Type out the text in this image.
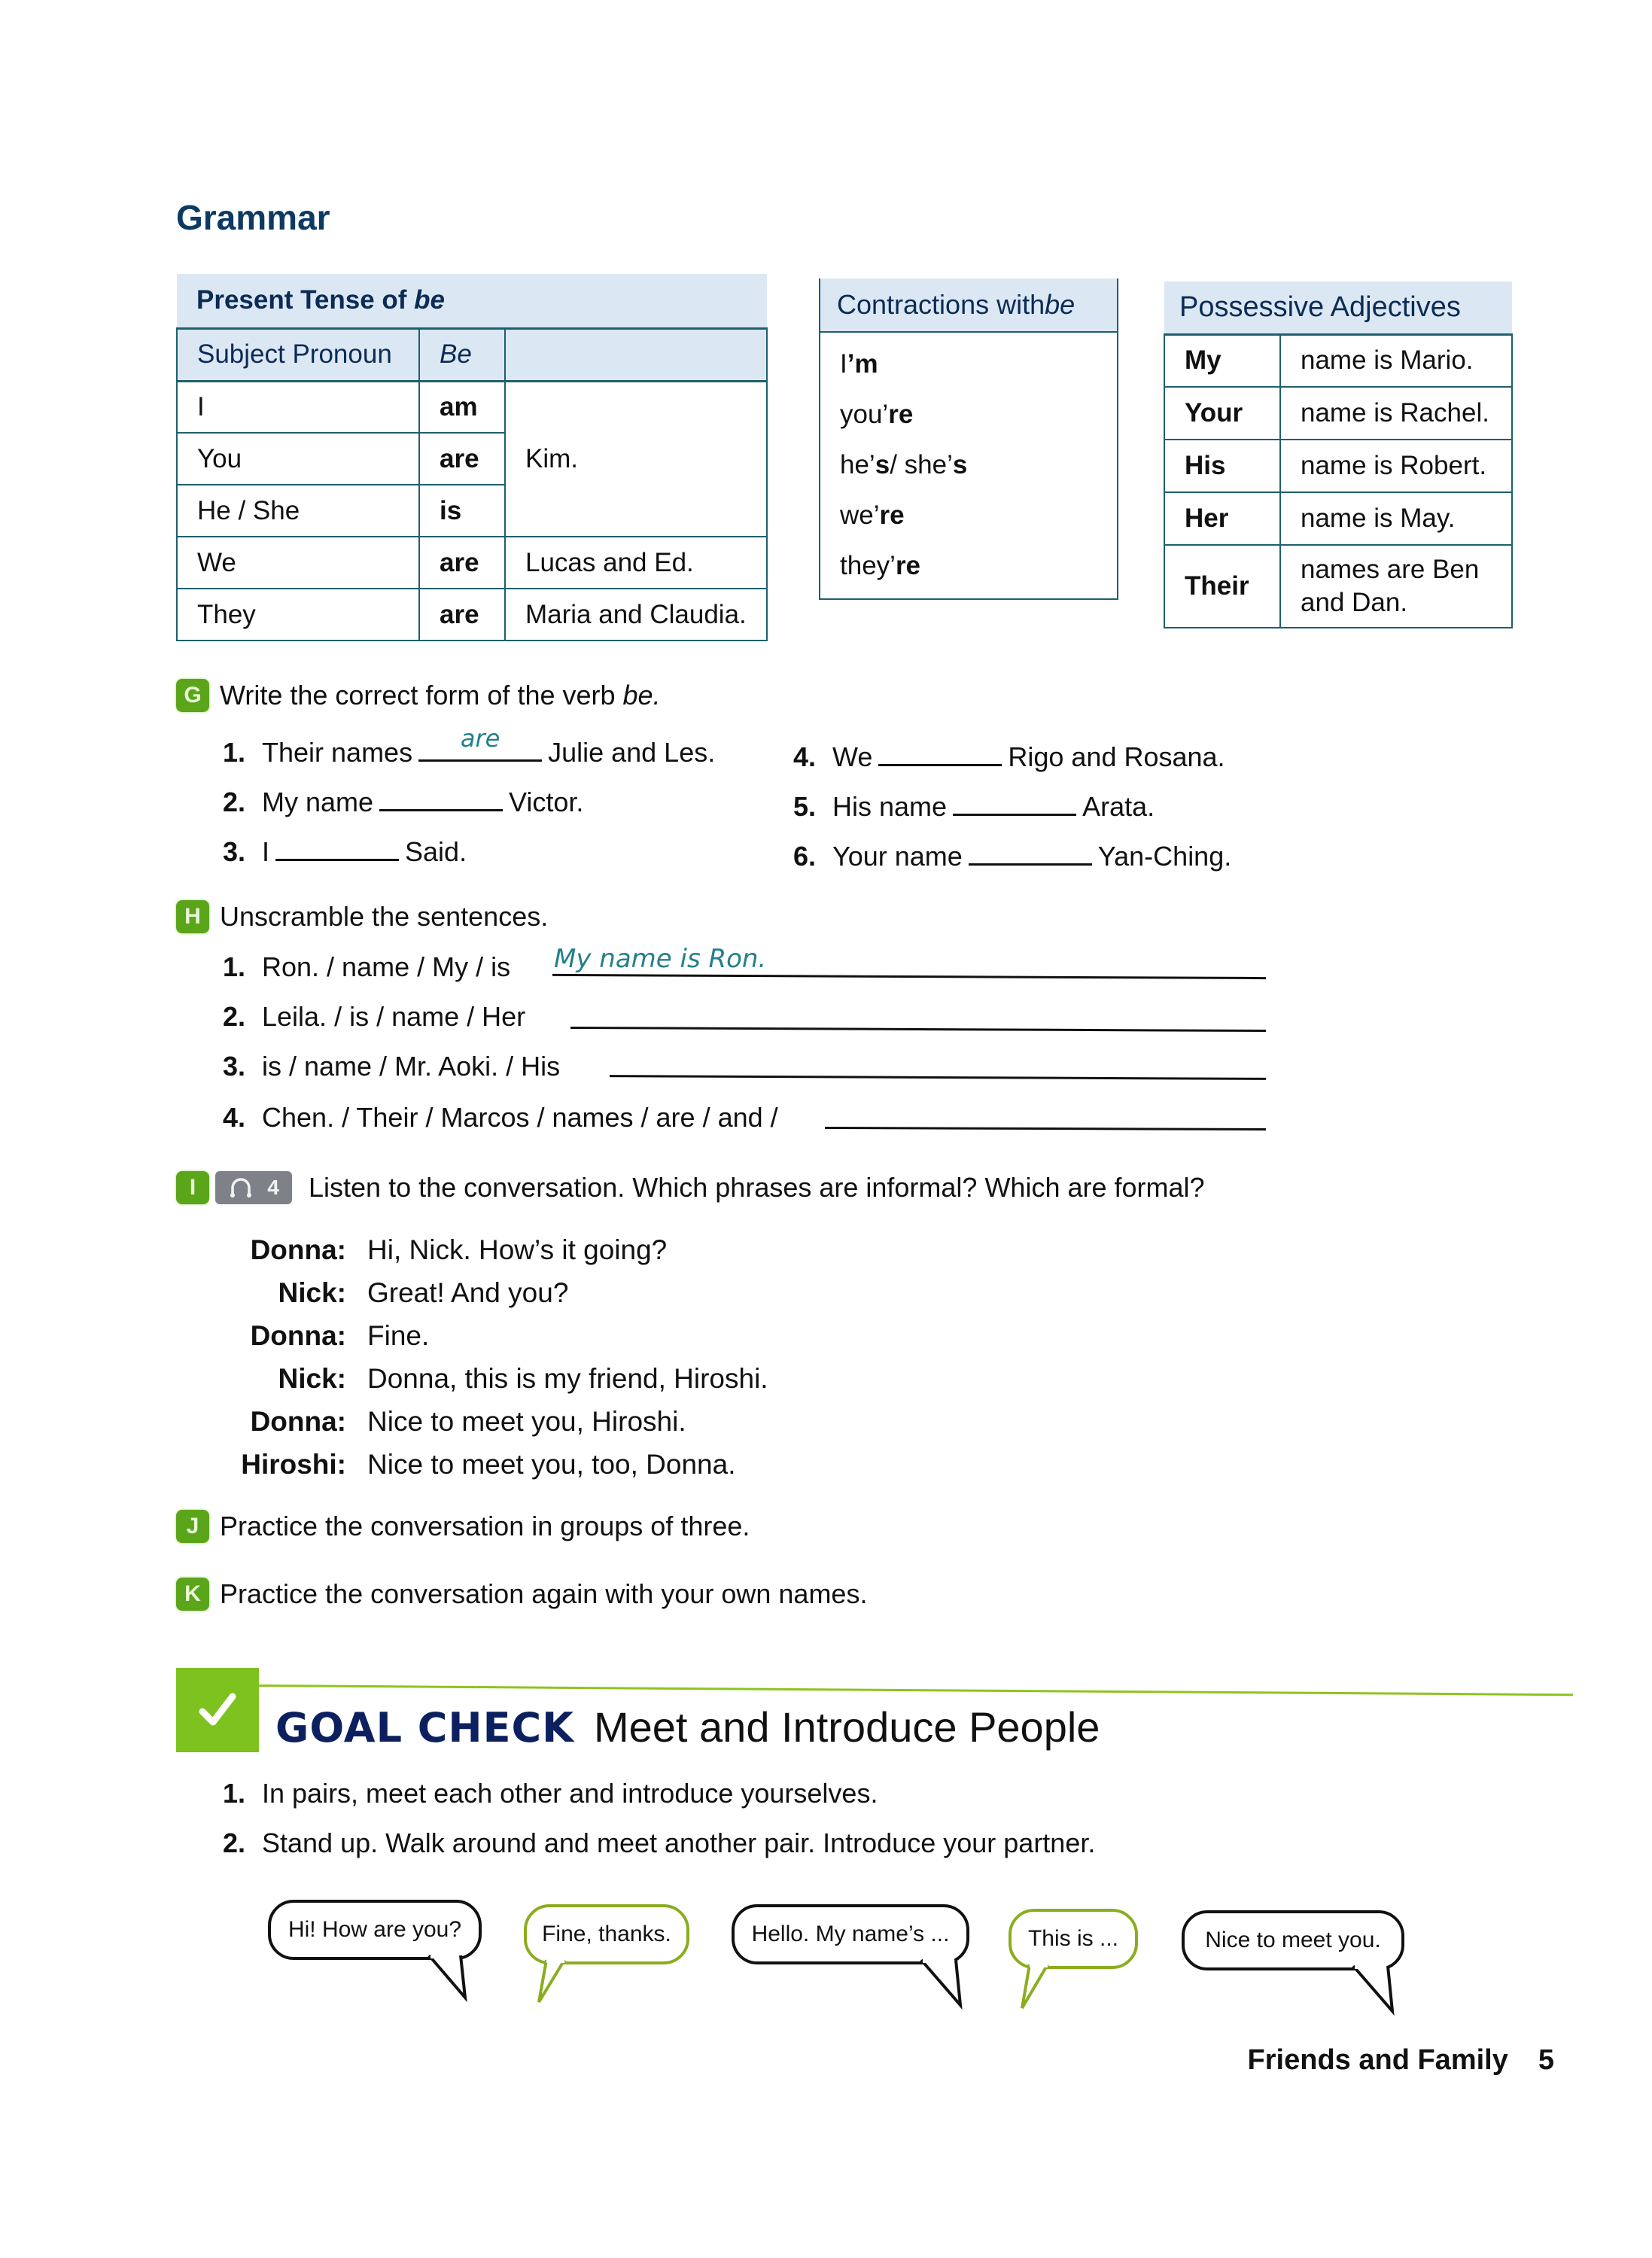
Grammar
Present Tense of be		
Subject Pronoun	Be	
I	am	Kim.
You	are	
He / She	is	
We	are	Lucas and Ed.
They	are	Maria and Claudia.
Contractions with be
I ’m
you’ re
he’ s / she’ s
we’ re
they’ re
Possessive Adjectives	
My	name is Mario.
Your	name is Rachel.
His	name is Robert.
Her	name is May.
Their	names are Ben and Dan.
G Write the correct form of the verb be.
1. Their names	are	Julie and Les.
2. My name	Victor.
3. I	Said.
4. We	Rigo and Rosana.
5. His name	Arata.
6. Your name	Yan-Ching.
H Unscramble the sentences.
1. Ron. / name / My / is My name is Ron.
2. Leila. / is / name / Her
3. is / name / Mr. Aoki. / His
4. Chen. / Their / Marcos / names / are / and /
I	4 Listen to the conversation. Which phrases are informal? Which are formal?
Donna: Hi, Nick. How’s it going?
Nick: Great! And you?
Donna: Fine.
Nick: Donna, this is my friend, Hiroshi.
Donna: Nice to meet you, Hiroshi.
Hiroshi: Nice to meet you, too, Donna.
J Practice the conversation in groups of three.
K Practice the conversation again with your own names.
GOAL CHECK Meet and Introduce People
1. In pairs, meet each other and introduce yourselves.
2. Stand up. Walk around and meet another pair. Introduce your partner.
Hi! How are you?	Fine, thanks.	Hello. My name’s ...	This is ...	Nice to meet you.
Friends and Family 5
